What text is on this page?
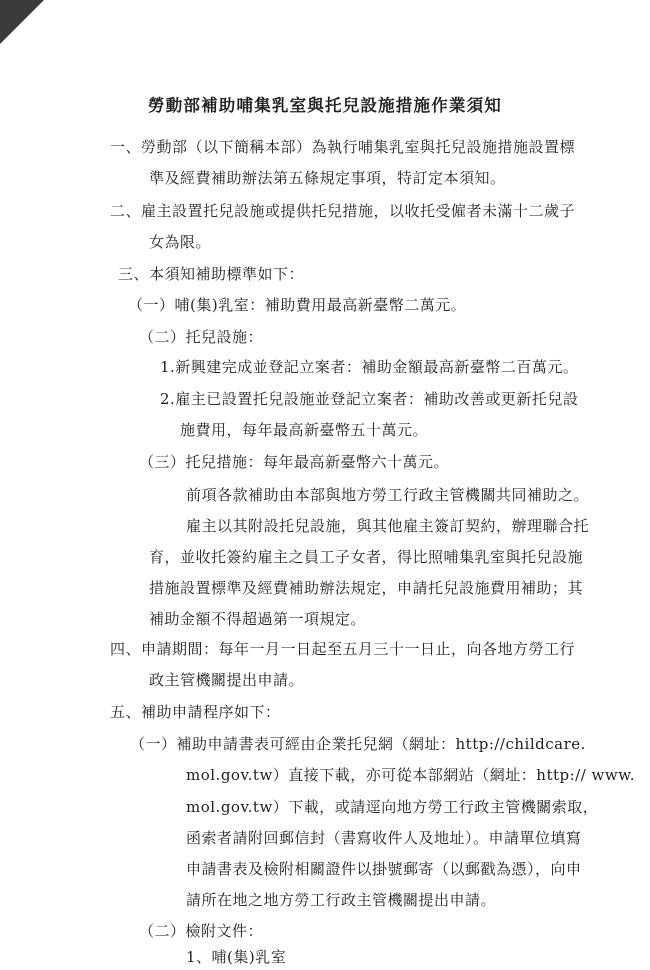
勞動部補助哺集乳室與托兒設施措施作業須知
一、勞動部（以下簡稱本部）為執行哺集乳室與托兒設施措施設置標
準及經費補助辦法第五條規定事項，特訂定本須知。
二、雇主設置托兒設施或提供托兒措施，以收托受僱者未滿十二歲子
女為限。
三、本須知補助標準如下：
（一）哺(集)乳室：補助費用最高新臺幣二萬元。
（二）托兒設施：
1.新興建完成並登記立案者：補助金額最高新臺幣二百萬元。
2.雇主已設置托兒設施並登記立案者：補助改善或更新托兒設
施費用，每年最高新臺幣五十萬元。
（三）托兒措施：每年最高新臺幣六十萬元。
前項各款補助由本部與地方勞工行政主管機關共同補助之。
雇主以其附設托兒設施，與其他雇主簽訂契約，辦理聯合托
育，並收托簽約雇主之員工子女者，得比照哺集乳室與托兒設施
措施設置標準及經費補助辦法規定，申請托兒設施費用補助；其
補助金額不得超過第一項規定。
四、申請期間：每年一月一日起至五月三十一日止，向各地方勞工行
政主管機關提出申請。
五、補助申請程序如下：
（一）補助申請書表可經由企業托兒網（網址：http://childcare.
mol.gov.tw）直接下載，亦可從本部網站（網址：http:// www.
mol.gov.tw）下載，或請逕向地方勞工行政主管機關索取，
函索者請附回郵信封（書寫收件人及地址）。申請單位填寫
申請書表及檢附相關證件以掛號郵寄（以郵戳為憑），向申
請所在地之地方勞工行政主管機關提出申請。
（二）檢附文件：
1、哺(集)乳室
